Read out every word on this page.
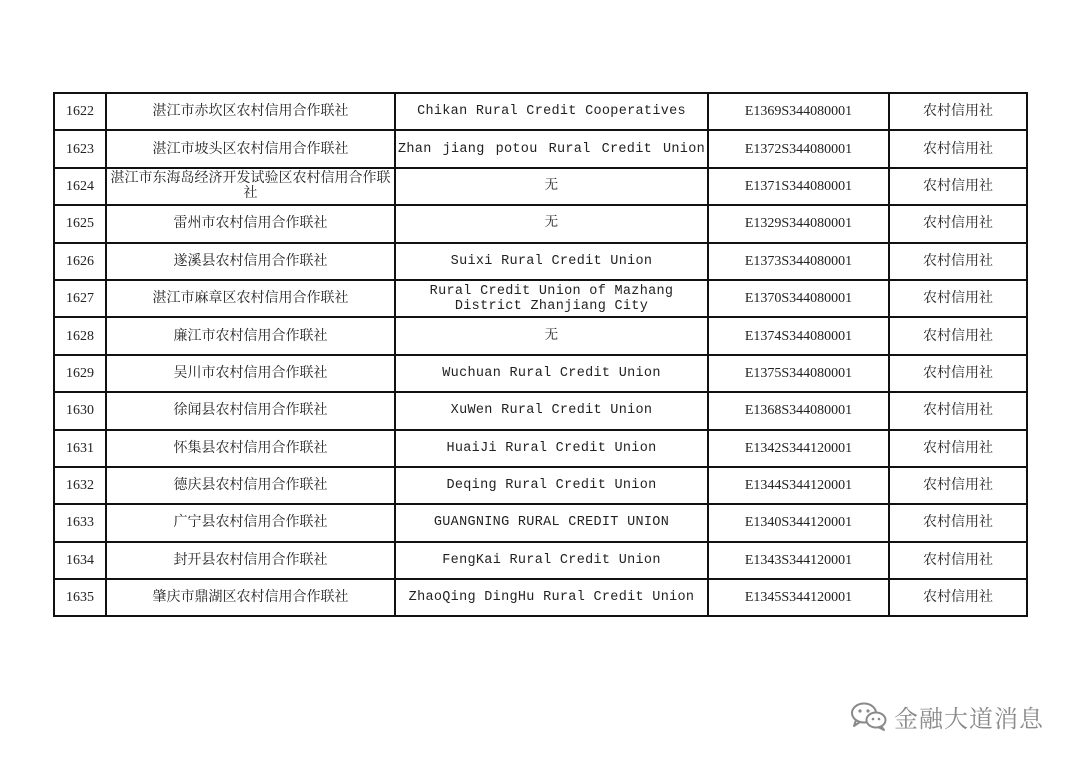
1622	湛江市赤坎区农村信用合作联社	Chikan Rural Credit Cooperatives	E1369S344080001	农村信用社
1623	湛江市坡头区农村信用合作联社	Zhan jiang potou Rural Credit Union	E1372S344080001	农村信用社
1624	湛江市东海岛经济开发试验区农村信用合作联社	无	E1371S344080001	农村信用社
1625	雷州市农村信用合作联社	无	E1329S344080001	农村信用社
1626	遂溪县农村信用合作联社	Suixi Rural Credit Union	E1373S344080001	农村信用社
1627	湛江市麻章区农村信用合作联社	Rural Credit Union of Mazhang District Zhanjiang City	E1370S344080001	农村信用社
1628	廉江市农村信用合作联社	无	E1374S344080001	农村信用社
1629	吴川市农村信用合作联社	Wuchuan Rural Credit Union	E1375S344080001	农村信用社
1630	徐闻县农村信用合作联社	XuWen Rural Credit Union	E1368S344080001	农村信用社
1631	怀集县农村信用合作联社	HuaiJi Rural Credit Union	E1342S344120001	农村信用社
1632	德庆县农村信用合作联社	Deqing Rural Credit Union	E1344S344120001	农村信用社
1633	广宁县农村信用合作联社	GUANGNING RURAL CREDIT UNION	E1340S344120001	农村信用社
1634	封开县农村信用合作联社	FengKai Rural Credit Union	E1343S344120001	农村信用社
1635	肇庆市鼎湖区农村信用合作联社	ZhaoQing DingHu Rural Credit Union	E1345S344120001	农村信用社
金融大道消息
